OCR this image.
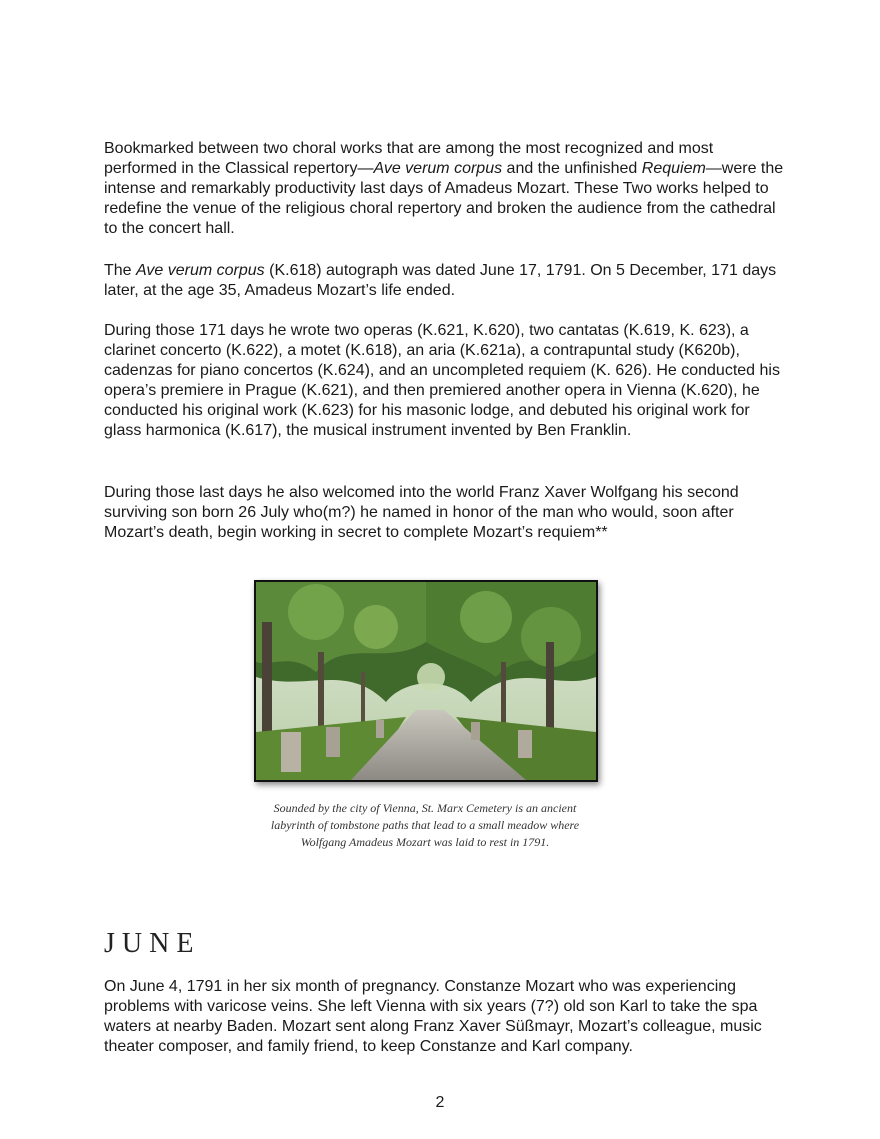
Bookmarked between two choral works that are among the most recognized and most performed in the Classical repertory—Ave verum corpus and the unfinished Requiem—were the intense and remarkably productivity last days of Amadeus Mozart. These Two works helped to redefine the venue of the religious choral repertory and broken the audience from the cathedral to the concert hall.

The Ave verum corpus (K.618) autograph was dated June 17, 1791. On 5 December, 171 days later, at the age 35, Amadeus Mozart’s life ended.

During those 171 days he wrote two operas (K.621, K.620), two cantatas (K.619, K. 623), a clarinet concerto (K.622), a motet (K.618), an aria (K.621a), a contrapuntal study (K620b), cadenzas for piano concertos (K.624), and an uncompleted requiem (K. 626). He conducted his opera’s premiere in Prague (K.621), and then premiered another opera in Vienna (K.620), he conducted his original work (K.623) for his masonic lodge, and debuted his original work for glass harmonica (K.617), the musical instrument invented by Ben Franklin.

During those last days he also welcomed into the world Franz Xaver Wolfgang his second surviving son born 26 July who(m?) he named in honor of the man who would, soon after Mozart’s death, begin working in secret to complete Mozart’s requiem**

Sounded by the city of Vienna, St. Marx Cemetery is an ancient
labyrinth of tombstone paths that lead to a small meadow where
Wolfgang Amadeus Mozart was laid to rest in 1791.

JUNE

On June 4, 1791 in her six month of pregnancy. Constanze Mozart who was experiencing problems with varicose veins. She left Vienna with six years (7?) old son Karl to take the spa waters at nearby Baden. Mozart sent along Franz Xaver Süßmayr, Mozart’s colleague, music theater composer, and family friend, to keep Constanze and Karl company.

2
